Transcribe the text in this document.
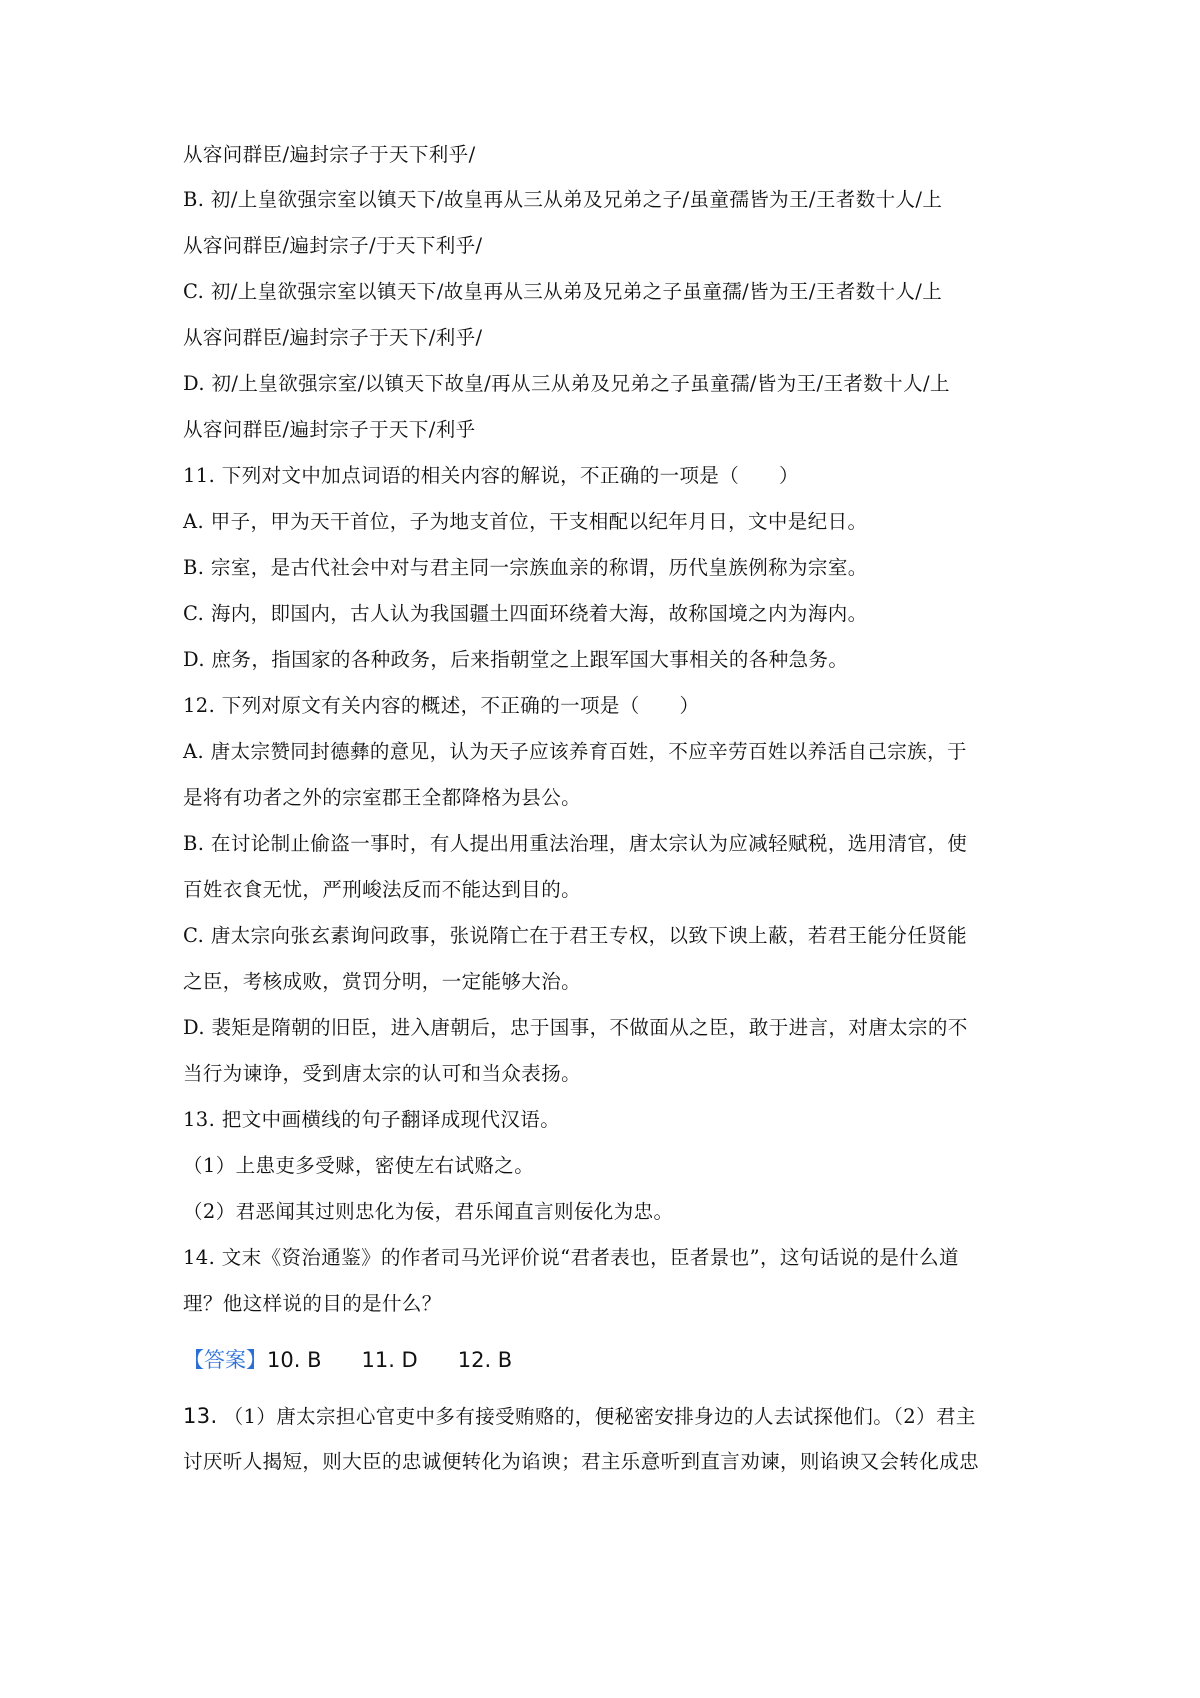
从容问群臣/遍封宗子于天下利乎/
B. 初/上皇欲强宗室以镇天下/故皇再从三从弟及兄弟之子/虽童孺皆为王/王者数十人/上
从容问群臣/遍封宗子/于天下利乎/
C. 初/上皇欲强宗室以镇天下/故皇再从三从弟及兄弟之子虽童孺/皆为王/王者数十人/上
从容问群臣/遍封宗子于天下/利乎/
D. 初/上皇欲强宗室/以镇天下故皇/再从三从弟及兄弟之子虽童孺/皆为王/王者数十人/上
从容问群臣/遍封宗子于天下/利乎
11. 下列对文中加点词语的相关内容的解说，不正确的一项是（　　）
A. 甲子，甲为天干首位，子为地支首位，干支相配以纪年月日，文中是纪日。
B. 宗室，是古代社会中对与君主同一宗族血亲的称谓，历代皇族例称为宗室。
C. 海内，即国内，古人认为我国疆土四面环绕着大海，故称国境之内为海内。
D. 庶务，指国家的各种政务，后来指朝堂之上跟军国大事相关的各种急务。
12. 下列对原文有关内容的概述，不正确的一项是（　　）
A. 唐太宗赞同封德彝的意见，认为天子应该养育百姓，不应辛劳百姓以养活自己宗族，于
是将有功者之外的宗室郡王全都降格为县公。
B. 在讨论制止偷盗一事时，有人提出用重法治理，唐太宗认为应减轻赋税，选用清官，使
百姓衣食无忧，严刑峻法反而不能达到目的。
C. 唐太宗向张玄素询问政事，张说隋亡在于君王专权，以致下谀上蔽，若君王能分任贤能
之臣，考核成败，赏罚分明，一定能够大治。
D. 裴矩是隋朝的旧臣，进入唐朝后，忠于国事，不做面从之臣，敢于进言，对唐太宗的不
当行为谏诤，受到唐太宗的认可和当众表扬。
13. 把文中画横线的句子翻译成现代汉语。
（1）上患吏多受赇，密使左右试赂之。
（2）君恶闻其过则忠化为佞，君乐闻直言则佞化为忠。
14. 文末《资治通鉴》的作者司马光评价说“君者表也，臣者景也”，这句话说的是什么道
理？他这样说的目的是什么？
【答案】10. B 11. D 12. B
13. （1）唐太宗担心官吏中多有接受贿赂的，便秘密安排身边的人去试探他们。（2）君主
讨厌听人揭短，则大臣的忠诚便转化为谄谀；君主乐意听到直言劝谏，则谄谀又会转化成忠
